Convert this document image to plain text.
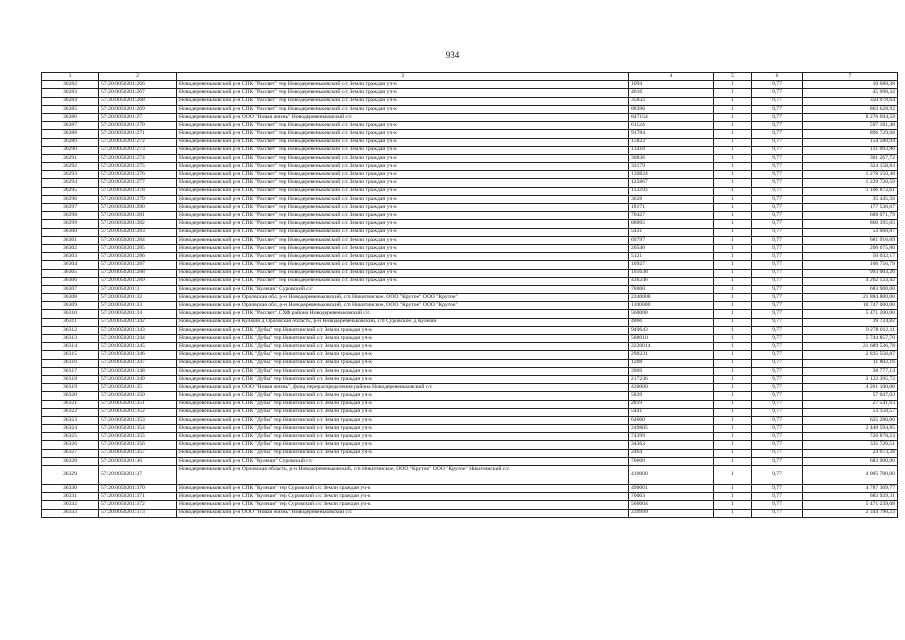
934
1	2	3	4	5	6	7
36282	57:20:0050201:266	Новодеревеньковский р-н СПК "Рассвет" тер Новодеревеньковский с/с Земли граждан уч-к	1094	1	9,77	10 688,38
36283	57:20:0050201:267	Новодеревеньковский р-н СПК "Рассвет" тер Новодеревеньковский с/с Земли граждан уч-к	4616	1	9,77	45 098,32
36284	57:20:0050201:268	Новодеревеньковский р-н СПК "Рассвет" тер Новодеревеньковский с/с Земли граждан уч-к	35832	1	9,77	350 078,64
36285	57:20:0050201:269	Новодеревеньковский р-н СПК "Рассвет" тер Новодеревеньковский с/с Земли граждан уч-к	88396	1	9,77	863 628,92
36286	57:20:0050201:27	Новодеревеньковский р-н ООО "Новая жизнь" Новодеревеньковский с/с	847154	1	9,77	8 276 694,58
36287	57:20:0050201:270	Новодеревеньковский р-н СПК "Рассвет" тер Новодеревеньковский с/с Земли граждан уч-к	61124	1	9,77	597 181,48
36288	57:20:0050201:271	Новодеревеньковский р-н СПК "Рассвет" тер Новодеревеньковский с/с Земли граждан уч-к	91784	1	9,77	896 729,68
36289	57:20:0050201:272	Новодеревеньковский р-н СПК "Рассвет" тер Новодеревеньковский с/с Земли граждан уч-к	15822	1	9,77	154 580,94
36290	57:20:0050201:273	Новодеревеньковский р-н СПК "Рассвет" тер Новодеревеньковский с/с Земли граждан уч-к	13418	1	9,77	131 093,86
36291	57:20:0050201:274	Новодеревеньковский р-н СПК "Рассвет" тер Новодеревеньковский с/с Земли граждан уч-к	30836	1	9,77	301 267,72
36292	57:20:0050201:275	Новодеревеньковский р-н СПК "Рассвет" тер Новодеревеньковский с/с Земли граждан уч-к	33179	1	9,77	324 158,83
36293	57:20:0050201:276	Новодеревеньковский р-н СПК "Рассвет" тер Новодеревеньковский с/с Земли граждан уч-к	130824	1	9,77	1 278 150,48
36294	57:20:0050201:277	Новодеревеньковский р-н СПК "Рассвет" тер Новодеревеньковский с/с Земли граждан уч-к	125867	1	9,77	1 229 720,59
36295	57:20:0050201:278	Новодеревеньковский р-н СПК "Рассвет" тер Новодеревеньковский с/с Земли граждан уч-к	113293	1	9,77	1 106 872,61
36296	57:20:0050201:279	Новодеревеньковский р-н СПК "Рассвет" тер Новодеревеньковский с/с Земли граждан уч-к	3628	1	9,77	35 445,56
36297	57:20:0050201:280	Новодеревеньковский р-н СПК "Рассвет" тер Новодеревеньковский с/с Земли граждан уч-к	18171	1	9,77	177 530,67
36298	57:20:0050201:281	Новодеревеньковский р-н СПК "Рассвет" тер Новодеревеньковский с/с Земли граждан уч-к	70427	1	9,77	688 071,79
36299	57:20:0050201:282	Новодеревеньковский р-н СПК "Рассвет" тер Новодеревеньковский с/с Земли граждан уч-к	88065	1	9,77	860 395,05
36300	57:20:0050201:283	Новодеревеньковский р-н СПК "Рассвет" тер Новодеревеньковский с/с Земли граждан уч-к	5431	1	9,77	53 060,87
36301	57:20:0050201:284	Новодеревеньковский р-н СПК "Рассвет" тер Новодеревеньковский с/с Земли граждан уч-к	69797	1	9,77	681 916,69
36302	57:20:0050201:285	Новодеревеньковский р-н СПК "Рассвет" тер Новодеревеньковский с/с Земли граждан уч-к	20540	1	9,77	200 675,80
36303	57:20:0050201:286	Новодеревеньковский р-н СПК "Рассвет" тер Новодеревеньковский с/с Земли граждан уч-к	5121	1	9,77	50 032,17
36304	57:20:0050201:287	Новодеревеньковский р-н СПК "Рассвет" тер Новодеревеньковский с/с Земли граждан уч-к	10927	1	9,77	106 756,79
36305	57:20:0050201:288	Новодеревеньковский р-н СПК "Рассвет" тер Новодеревеньковский с/с Земли граждан уч-к	101638	1	9,77	993 003,26
36306	57:20:0050201:289	Новодеревеньковский р-н СПК "Рассвет" тер Новодеревеньковский с/с Земли граждан уч-к	436246	1	9,77	4 262 123,42
36307	57:20:0050201:3	Новодеревеньковский р-н СПК "Кулешн" Суровский с/с	70000	1	9,77	683 900,00
36308	57:20:0050201:32	Новодеревеньковский р-н Орловская обл, р-н Новодеревеньковский, с/п Никитинское, ООО "Крутое" ООО "Крутое"	2240000	1	9,77	21 884 800,00
36309	57:20:0050201:33	Новодеревеньковский р-н Орловская обл, р-н Новодеревеньковский, с/п Никитинское, ООО "Крутое" ООО "Крутое"	1100000	1	9,77	10 747 000,00
36310	57:20:0050201:34	Новодеревеньковский р-н СПК "Рассвет",СХФ района Новодеревеньковский с/с	560000	1	9,77	5 471 200,00
36311	57:20:0050201:342	Новодеревеньковский р-н Кулешн д Орловская область, р-н Новодеревеньковский, с/п Суровское, д Кулешн	4066	1	9,77	39 724,82
36312	57:20:0050201:343	Новодеревеньковский р-н СПК "Дубы" тер Никитинский с/с Земли граждан уч-к	949643	1	9,77	9 278 012,11
36313	57:20:0050201:344	Новодеревеньковский р-н СПК "Дубы" тер Никитинский с/с Земли граждан уч-к	588010	1	9,77	5 744 857,70
36314	57:20:0050201:345	Новодеревеньковский р-н СПК "Дубы" тер Никитинский с/с Земли граждан уч-к	2220014	1	9,77	21 689 536,78
36315	57:20:0050201:346	Новодеревеньковский р-н СПК "Дубы" тер Никитинский с/с Земли граждан уч-к	290231	1	9,77	2 835 556,87
36316	57:20:0050201:347	Новодеревеньковский р-н СПК "Дубы" тер Никитинский с/с Земли граждан уч-к	1208	1	9,77	11 802,16
36317	57:20:0050201:348	Новодеревеньковский р-н СПК "Дубы" тер Никитинский с/с Земли граждан уч-к	3969	1	9,77	38 777,13
36318	57:20:0050201:349	Новодеревеньковский р-н СПК "Дубы" тер Никитинский с/с Земли граждан уч-к	217236	1	9,77	2 122 395,72
36319	57:20:0050201:35	Новодеревеньковский р-н ООО "Новая жизнь", фонд перераспределения района Новодеревеньковский с/с	430000	1	9,77	4 201 100,00
36320	57:20:0050201:350	Новодеревеньковский р-н СПК "Дубы" тер Никитинский с/с Земли граждан уч-к	5839	1	9,77	57 047,03
36321	57:20:0050201:351	Новодеревеньковский р-н СПК "Дубы" тер Никитинский с/с Земли граждан уч-к	2819	1	9,77	27 541,63
36322	57:20:0050201:352	Новодеревеньковский р-н СПК "Дубы" тер Никитинский с/с Земли граждан уч-к	5441	1	9,77	53 158,57
36323	57:20:0050201:353	Новодеревеньковский р-н СПК "Дубы" тер Никитинский с/с Земли граждан уч-к	64000	1	9,77	625 280,00
36324	57:20:0050201:354	Новодеревеньковский р-н СПК "Дубы" тер Никитинский с/с Земли граждан уч-к	249805	1	9,77	2 440 594,85
36325	57:20:0050201:355	Новодеревеньковский р-н СПК "Дубы" тер Никитинский с/с Земли граждан уч-к	74399	1	9,77	726 878,23
36326	57:20:0050201:356	Новодеревеньковский р-н СПК "Дубы" тер Никитинский с/с Земли граждан уч-к	34363	1	9,77	335 726,51
36327	57:20:0050201:357	Новодеревеньковский р-н СПК "Дубы" тер Никитинский с/с Земли граждан уч-к	2464	1	9,77	24 073,28
36328	57:20:0050201:36	Новодеревеньковский р-н СПК "Кулешн" Суровский с/с	70000	1	9,77	683 900,00
36329	57:20:0050201:37	Новодеревеньковский р-н Орловская область, р-н Новодеревеньковский, с/п Никитинское, ООО "Крутое" ООО "Крутое" Никитинский с/с	410000	1	9,77	4 005 700,00
36330	57:20:0050201:370	Новодеревеньковский р-н СПК "Кулешн" тер Суровский с/с Земли граждан уч-к	490001	1	9,77	4 787 309,77
36331	57:20:0050201:371	Новодеревеньковский р-н СПК "Кулешн" тер Суровский с/с Земли граждан уч-к	70003	1	9,77	683 929,31
36332	57:20:0050201:372	Новодеревеньковский р-н СПК "Кулешн" тер Суровский с/с Земли граждан уч-к	560004	1	9,77	5 471 239,08
36333	57:20:0050201:373	Новодеревеньковский р-н ООО "Новая жизнь" Новодеревеньковский с/с	239999	1	9,77	2 344 790,23
